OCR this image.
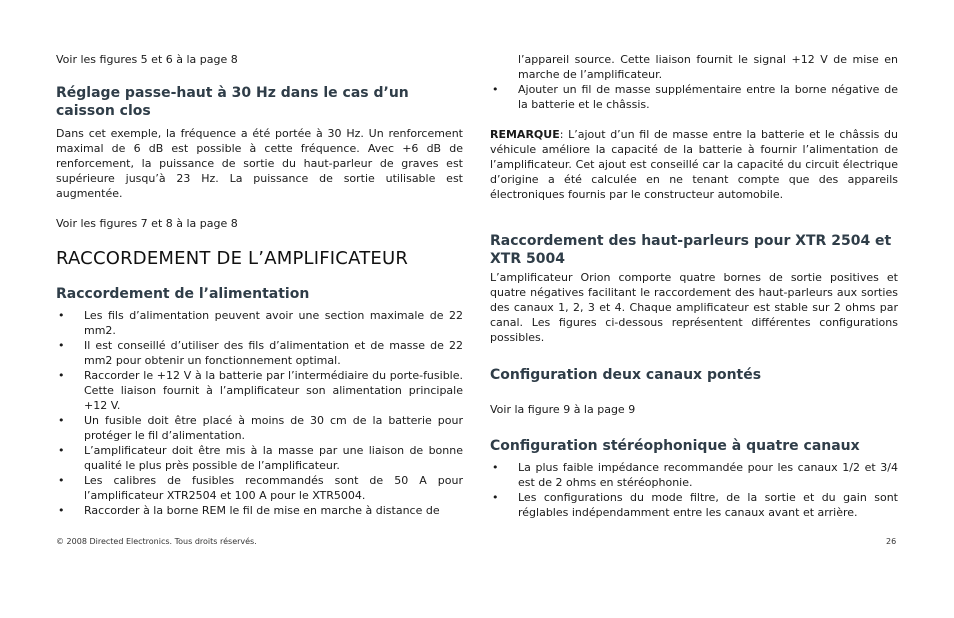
Voir les figures 5 et 6 à la page 8

Réglage passe-haut à 30 Hz dans le cas d’un caisson clos

Dans cet exemple, la fréquence a été portée à 30 Hz. Un renforcement maximal de 6 dB est possible à cette fréquence. Avec +6 dB de renforcement, la puissance de sortie du haut-parleur de graves est supérieure jusqu’à 23 Hz. La puissance de sortie utilisable est augmentée.

Voir les figures 7 et 8 à la page 8

RACCORDEMENT DE L’AMPLIFICATEUR
Raccordement de l’alimentation
• Les fils d’alimentation peuvent avoir une section maximale de 22 mm2.
• Il est conseillé d’utiliser des fils d’alimentation et de masse de 22 mm2 pour obtenir un fonctionnement optimal.
• Raccorder le +12 V à la batterie par l’intermédiaire du porte-fusible. Cette liaison fournit à l’amplificateur son alimentation principale +12 V.
• Un fusible doit être placé à moins de 30 cm de la batterie pour protéger le fil d’alimentation.
• L’amplificateur doit être mis à la masse par une liaison de bonne qualité le plus près possible de l’amplificateur.
• Les calibres de fusibles recommandés sont de 50 A pour l’amplificateur XTR2504 et 100 A pour le XTR5004.
• Raccorder à la borne REM le fil de mise en marche à distance de

l’appareil source. Cette liaison fournit le signal +12 V de mise en marche de l’amplificateur.

• Ajouter un fil de masse supplémentaire entre la borne négative de la batterie et le châssis.

REMARQUE: L’ajout d’un fil de masse entre la batterie et le châssis du véhicule améliore la capacité de la batterie à fournir l’alimentation de l’amplificateur. Cet ajout est conseillé car la capacité du circuit électrique d’origine a été calculée en ne tenant compte que des appareils électroniques fournis par le constructeur automobile.

Raccordement des haut-parleurs pour XTR 2504 et XTR 5004

L’amplificateur Orion comporte quatre bornes de sortie positives et quatre négatives facilitant le raccordement des haut-parleurs aux sorties des canaux 1, 2, 3 et 4. Chaque amplificateur est stable sur 2 ohms par canal. Les figures ci-dessous représentent différentes configurations possibles.

Configuration deux canaux pontés

Voir la figure 9 à la page 9

Configuration stéréophonique à quatre canaux
• La plus faible impédance recommandée pour les canaux 1/2 et 3/4 est de 2 ohms en stéréophonie.
• Les configurations du mode filtre, de la sortie et du gain sont réglables indépendamment entre les canaux avant et arrière.
© 2008 Directed Electronics. Tous droits réservés.	26
